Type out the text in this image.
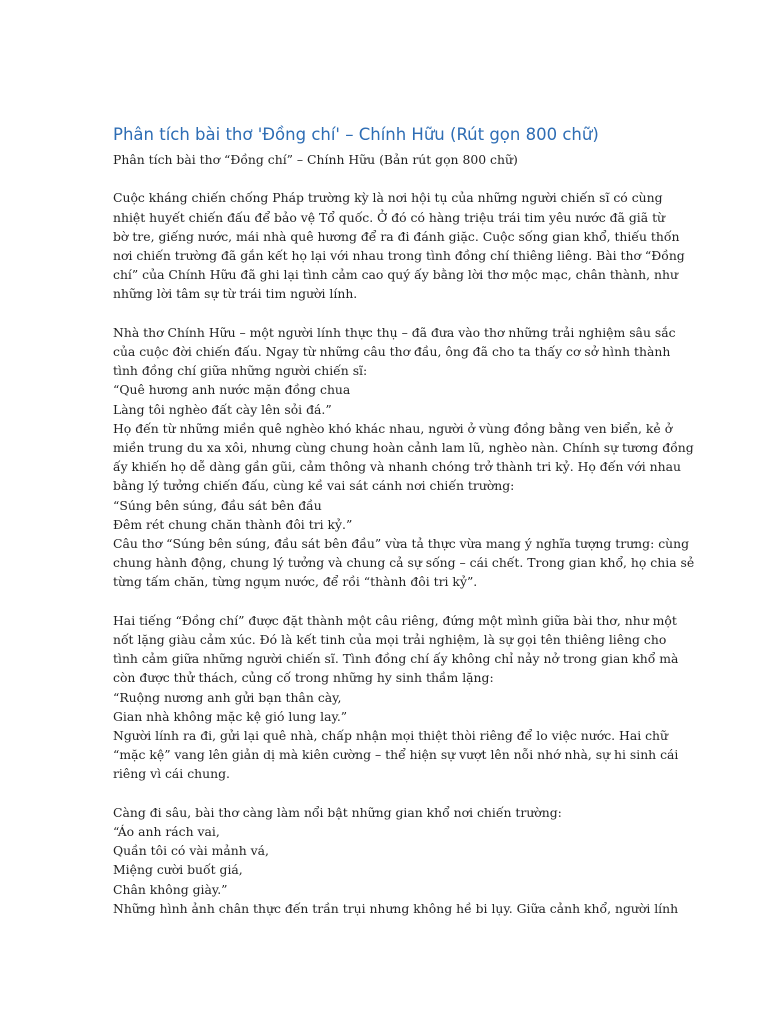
Phân tích bài thơ 'Đồng chí' – Chính Hữu (Rút gọn 800 chữ)
Phân tích bài thơ “Đồng chí” – Chính Hữu (Bản rút gọn 800 chữ)
Cuộc kháng chiến chống Pháp trường kỳ là nơi hội tụ của những người chiến sĩ có cùng
nhiệt huyết chiến đấu để bảo vệ Tổ quốc. Ở đó có hàng triệu trái tim yêu nước đã giã từ
bờ tre, giếng nước, mái nhà quê hương để ra đi đánh giặc. Cuộc sống gian khổ, thiếu thốn
nơi chiến trường đã gắn kết họ lại với nhau trong tình đồng chí thiêng liêng. Bài thơ “Đồng
chí” của Chính Hữu đã ghi lại tình cảm cao quý ấy bằng lời thơ mộc mạc, chân thành, như
những lời tâm sự từ trái tim người lính.
Nhà thơ Chính Hữu – một người lính thực thụ – đã đưa vào thơ những trải nghiệm sâu sắc
của cuộc đời chiến đấu. Ngay từ những câu thơ đầu, ông đã cho ta thấy cơ sở hình thành
tình đồng chí giữa những người chiến sĩ:
“Quê hương anh nước mặn đồng chua
Làng tôi nghèo đất cày lên sỏi đá.”
Họ đến từ những miền quê nghèo khó khác nhau, người ở vùng đồng bằng ven biển, kẻ ở
miền trung du xa xôi, nhưng cùng chung hoàn cảnh lam lũ, nghèo nàn. Chính sự tương đồng
ấy khiến họ dễ dàng gần gũi, cảm thông và nhanh chóng trở thành tri kỷ. Họ đến với nhau
bằng lý tưởng chiến đấu, cùng kề vai sát cánh nơi chiến trường:
“Súng bên súng, đầu sát bên đầu
Đêm rét chung chăn thành đôi tri kỷ.”
Câu thơ “Súng bên súng, đầu sát bên đầu” vừa tả thực vừa mang ý nghĩa tượng trưng: cùng
chung hành động, chung lý tưởng và chung cả sự sống – cái chết. Trong gian khổ, họ chia sẻ
từng tấm chăn, từng ngụm nước, để rồi “thành đôi tri kỷ”.
Hai tiếng “Đồng chí” được đặt thành một câu riêng, đứng một mình giữa bài thơ, như một
nốt lặng giàu cảm xúc. Đó là kết tinh của mọi trải nghiệm, là sự gọi tên thiêng liêng cho
tình cảm giữa những người chiến sĩ. Tình đồng chí ấy không chỉ nảy nở trong gian khổ mà
còn được thử thách, củng cố trong những hy sinh thầm lặng:
“Ruộng nương anh gửi bạn thân cày,
Gian nhà không mặc kệ gió lung lay.”
Người lính ra đi, gửi lại quê nhà, chấp nhận mọi thiệt thòi riêng để lo việc nước. Hai chữ
“mặc kệ” vang lên giản dị mà kiên cường – thể hiện sự vượt lên nỗi nhớ nhà, sự hi sinh cái
riêng vì cái chung.
Càng đi sâu, bài thơ càng làm nổi bật những gian khổ nơi chiến trường:
“Áo anh rách vai,
Quần tôi có vài mảnh vá,
Miệng cười buốt giá,
Chân không giày.”
Những hình ảnh chân thực đến trần trụi nhưng không hề bi lụy. Giữa cảnh khổ, người lính
